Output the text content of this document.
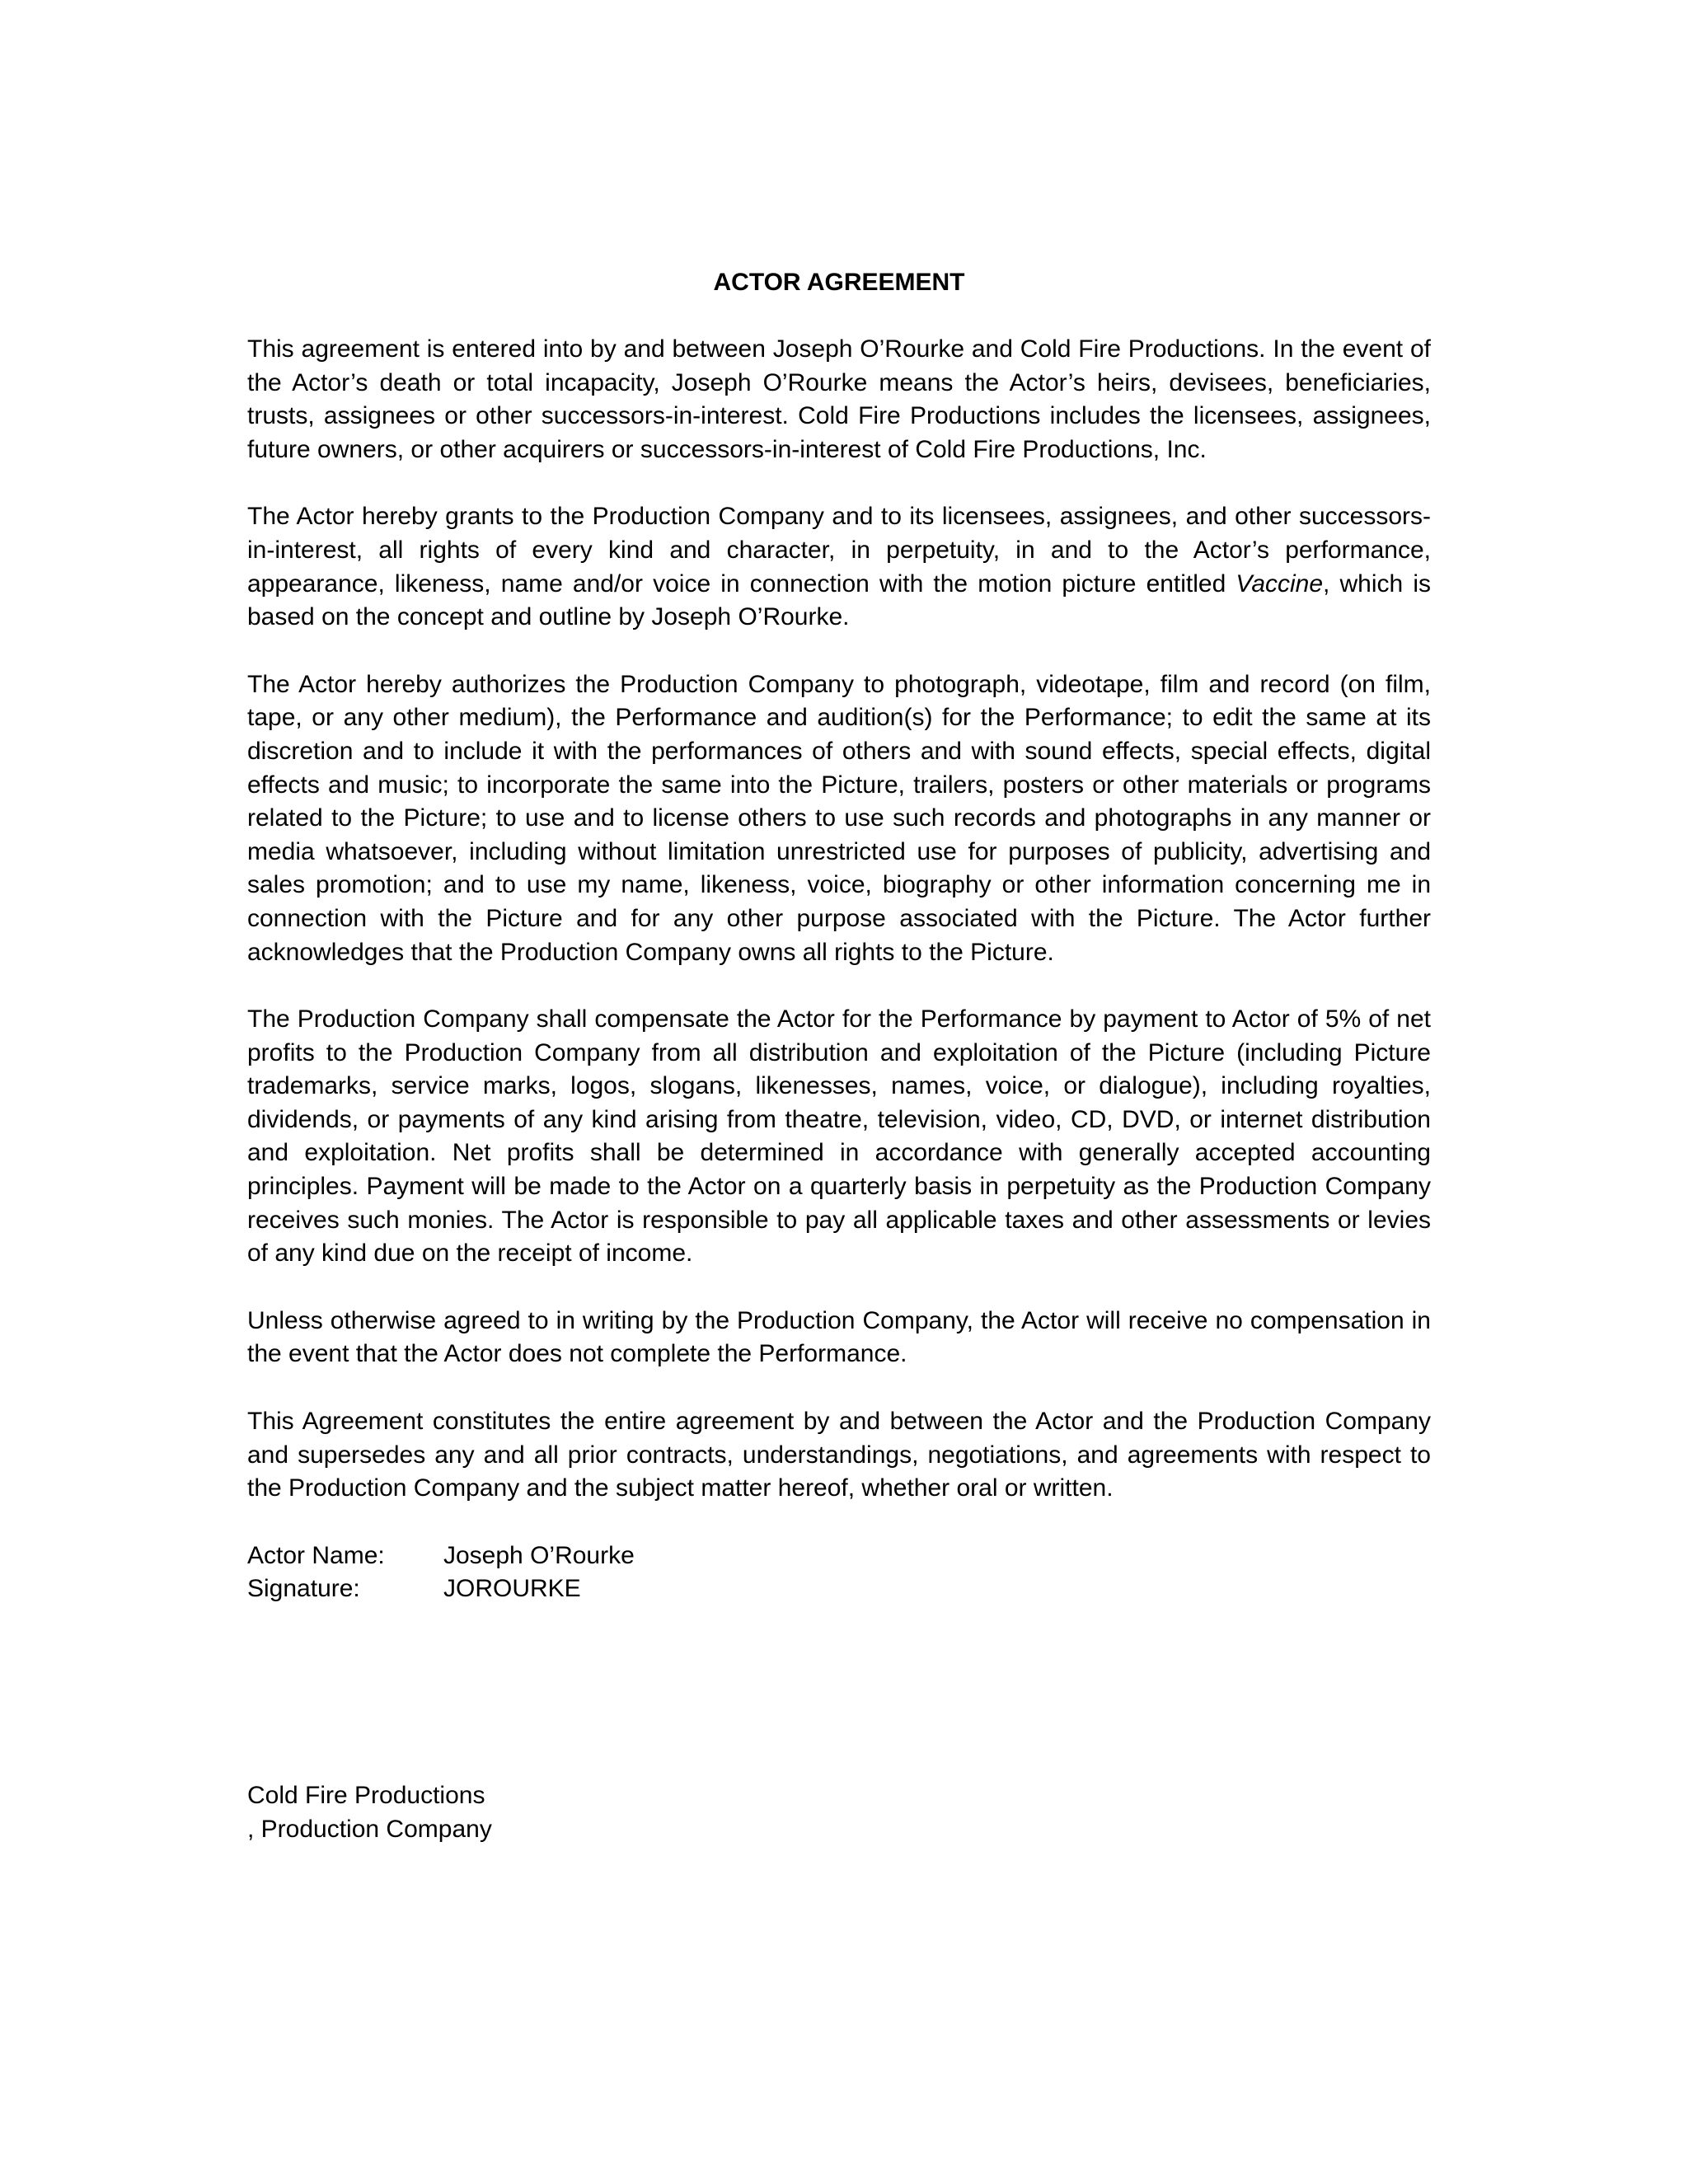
ACTOR AGREEMENT

This agreement is entered into by and between Joseph O’Rourke and Cold Fire Productions. In the event of the Actor’s death or total incapacity, Joseph O’Rourke means the Actor’s heirs, devisees, beneficiaries, trusts, assignees or other successors-in-interest. Cold Fire Productions includes the licensees, assignees, future owners, or other acquirers or successors-in-interest of Cold Fire Productions, Inc.

The Actor hereby grants to the Production Company and to its licensees, assignees, and other successors-in-interest, all rights of every kind and character, in perpetuity, in and to the Actor’s performance, appearance, likeness, name and/or voice in connection with the motion picture entitled Vaccine, which is based on the concept and outline by Joseph O’Rourke.

The Actor hereby authorizes the Production Company to photograph, videotape, film and record (on film, tape, or any other medium), the Performance and audition(s) for the Performance; to edit the same at its discretion and to include it with the performances of others and with sound effects, special effects, digital effects and music; to incorporate the same into the Picture, trailers, posters or other materials or programs related to the Picture; to use and to license others to use such records and photographs in any manner or media whatsoever, including without limitation unrestricted use for purposes of publicity, advertising and sales promotion; and to use my name, likeness, voice, biography or other information concerning me in connection with the Picture and for any other purpose associated with the Picture. The Actor further acknowledges that the Production Company owns all rights to the Picture.

The Production Company shall compensate the Actor for the Performance by payment to Actor of 5% of net profits to the Production Company from all distribution and exploitation of the Picture (including Picture trademarks, service marks, logos, slogans, likenesses, names, voice, or dialogue), including royalties, dividends, or payments of any kind arising from theatre, television, video, CD, DVD, or internet distribution and exploitation. Net profits shall be determined in accordance with generally accepted accounting principles. Payment will be made to the Actor on a quarterly basis in perpetuity as the Production Company receives such monies. The Actor is responsible to pay all applicable taxes and other assessments or levies of any kind due on the receipt of income.

Unless otherwise agreed to in writing by the Production Company, the Actor will receive no compensation in the event that the Actor does not complete the Performance.

This Agreement constitutes the entire agreement by and between the Actor and the Production Company and supersedes any and all prior contracts, understandings, negotiations, and agreements with respect to the Production Company and the subject matter hereof, whether oral or written.

Actor Name:	Joseph O’Rourke
Signature:	JOROURKE
Cold Fire Productions
, Production Company
